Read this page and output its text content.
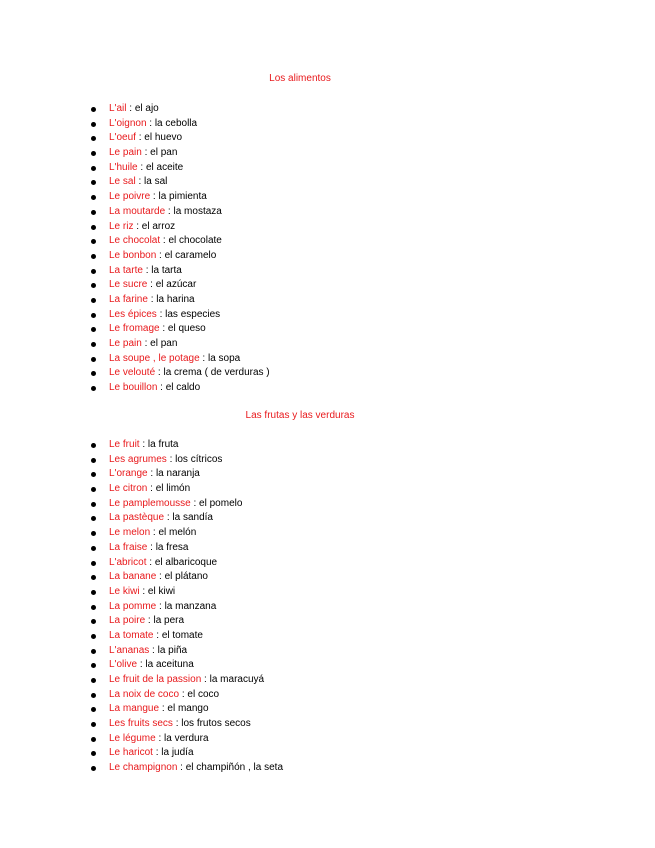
Los alimentos
L'ail : el ajo
L'oignon : la cebolla
L'oeuf : el huevo
Le pain : el pan
L'huile : el aceite
Le sal : la sal
Le poivre : la pimienta
La moutarde : la mostaza
Le riz : el arroz
Le chocolat : el chocolate
Le bonbon : el caramelo
La tarte : la tarta
Le sucre : el azúcar
La farine : la harina
Les épices : las especies
Le fromage : el queso
Le pain : el pan
La soupe , le potage : la sopa
Le velouté : la crema ( de verduras )
Le bouillon : el caldo
Las frutas y las verduras
Le fruit : la fruta
Les agrumes : los cítricos
L'orange : la naranja
Le citron : el limón
Le pamplemousse : el pomelo
La pastèque : la sandía
Le melon : el melón
La fraise : la fresa
L'abricot : el albaricoque
La banane : el plátano
Le kiwi : el kiwi
La pomme : la manzana
La poire : la pera
La tomate : el tomate
L'ananas : la piña
L'olive : la aceituna
Le fruit de la passion : la maracuyá
La noix de coco : el coco
La mangue : el mango
Les fruits secs : los frutos secos
Le légume : la verdura
Le haricot : la judía
Le champignon : el champiñón , la seta
